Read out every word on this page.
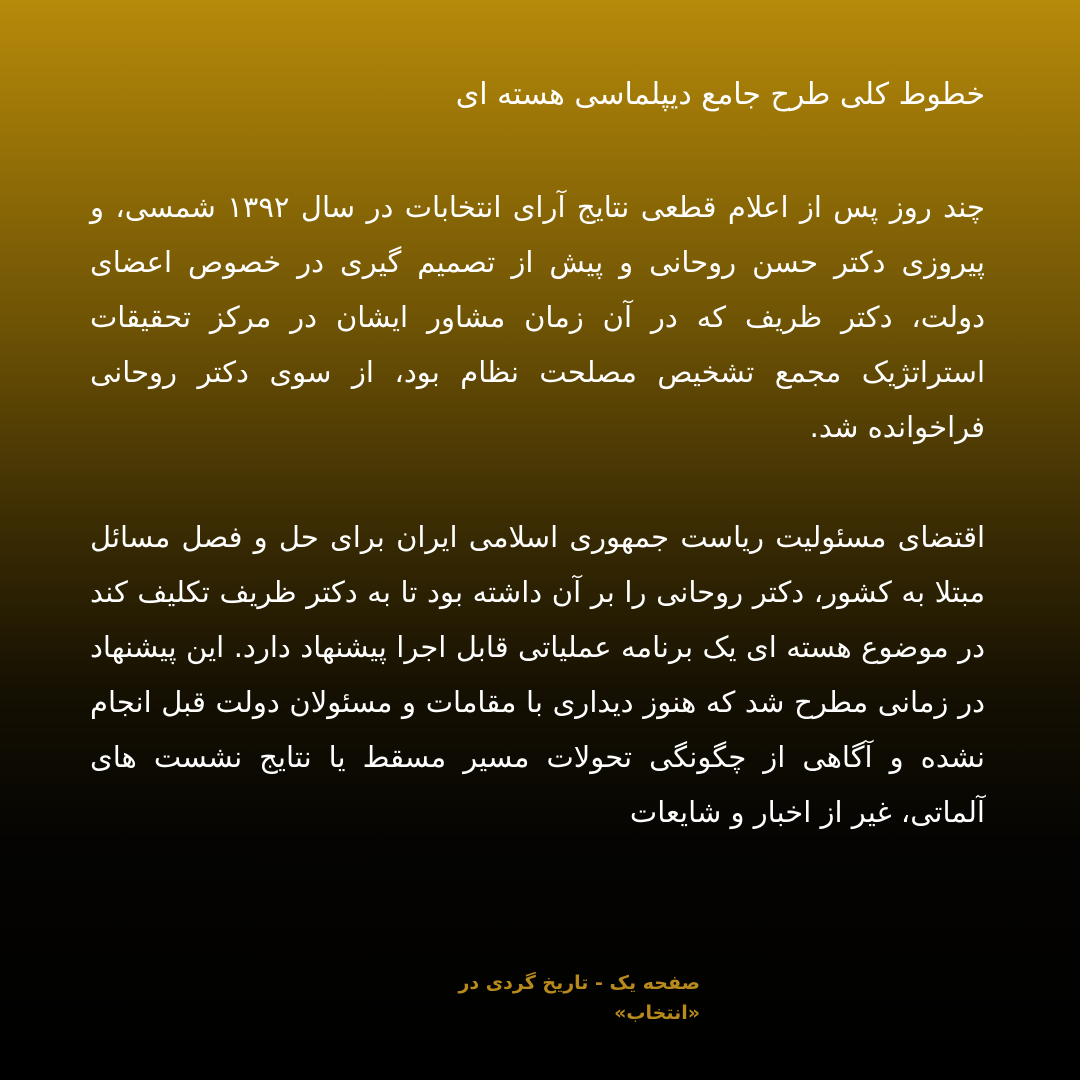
خطوط کلی طرح جامع دیپلماسی هسته ای
چند روز پس از اعلام قطعی نتایج آرای انتخابات در سال ۱۳۹۲ شمسی، و پیروزی دکتر حسن روحانی و پیش از تصمیم گیری در خصوص اعضای دولت، دکتر ظریف که در آن زمان مشاور ایشان در مرکز تحقیقات استراتژیک مجمع تشخیص مصلحت نظام بود، از سوی دکتر روحانی فراخوانده شد.
اقتضای مسئولیت ریاست جمهوری اسلامی ایران برای حل و فصل مسائل مبتلا به کشور، دکتر روحانی را بر آن داشته بود تا به دکتر ظریف تکلیف کند در موضوع هسته ای یک برنامه عملیاتی قابل اجرا پیشنهاد دارد. این پیشنهاد در زمانی مطرح شد که هنوز دیداری با مقامات و مسئولان دولت قبل انجام نشده و آگاهی از چگونگی تحولات مسیر مسقط یا نتایج نشست های آلماتی، غیر از اخبار و شایعات
صفحه یک - تاریخ گردی در «انتخاب»
